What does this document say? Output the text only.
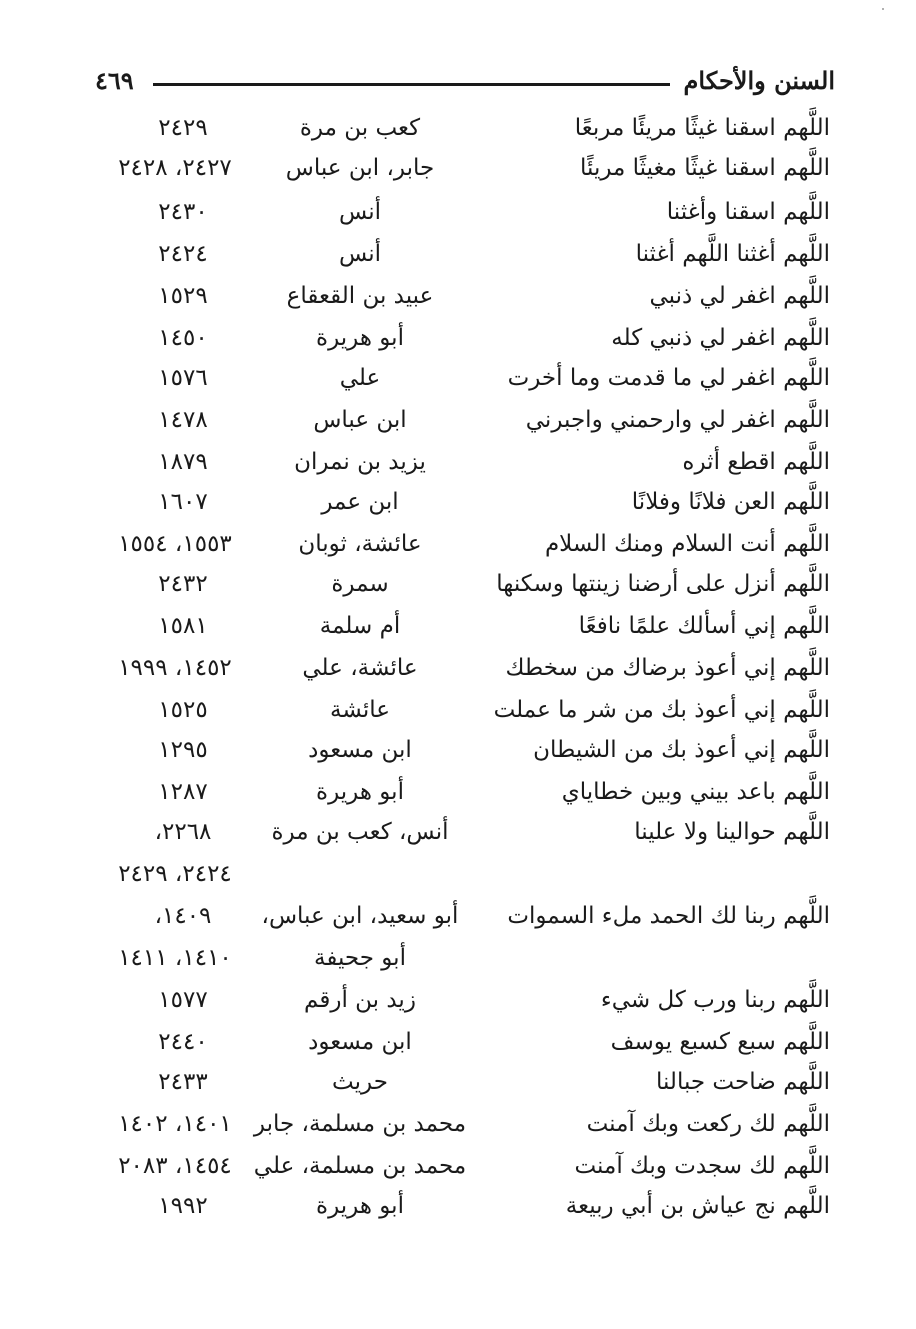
السنن والأحكام
٤٦٩
اللَّهم اسقنا غيثًا مريئًا مربعًا
كعب بن مرة
٢٤٢٩
اللَّهم اسقنا غيثًا مغيثًا مريئًا
جابر، ابن عباس
٢٤٢٧، ٢٤٢٨
اللَّهم اسقنا وأغثنا
أنس
٢٤٣٠
اللَّهم أغثنا اللَّهم أغثنا
أنس
٢٤٢٤
اللَّهم اغفر لي ذنبي
عبيد بن القعقاع
١٥٢٩
اللَّهم اغفر لي ذنبي كله
أبو هريرة
١٤٥٠
اللَّهم اغفر لي ما قدمت وما أخرت
علي
١٥٧٦
اللَّهم اغفر لي وارحمني واجبرني
ابن عباس
١٤٧٨
اللَّهم اقطع أثره
يزيد بن نمران
١٨٧٩
اللَّهم العن فلانًا وفلانًا
ابن عمر
١٦٠٧
اللَّهم أنت السلام ومنك السلام
عائشة، ثوبان
١٥٥٣، ١٥٥٤
اللَّهم أنزل على أرضنا زينتها وسكنها
سمرة
٢٤٣٢
اللَّهم إني أسألك علمًا نافعًا
أم سلمة
١٥٨١
اللَّهم إني أعوذ برضاك من سخطك
عائشة، علي
١٤٥٢، ١٩٩٩
اللَّهم إني أعوذ بك من شر ما عملت
عائشة
١٥٢٥
اللَّهم إني أعوذ بك من الشيطان
ابن مسعود
١٢٩٥
اللَّهم باعد بيني وبين خطاياي
أبو هريرة
١٢٨٧
اللَّهم حوالينا ولا علينا
أنس، كعب بن مرة
٢٢٦٨،
٢٤٢٤، ٢٤٢٩
اللَّهم ربنا لك الحمد ملء السموات
أبو سعيد، ابن عباس،
١٤٠٩،
أبو جحيفة
١٤١٠، ١٤١١
اللَّهم ربنا ورب كل شيء
زيد بن أرقم
١٥٧٧
اللَّهم سبع كسبع يوسف
ابن مسعود
٢٤٤٠
اللَّهم ضاحت جبالنا
حريث
٢٤٣٣
اللَّهم لك ركعت وبك آمنت
محمد بن مسلمة، جابر
١٤٠١، ١٤٠٢
اللَّهم لك سجدت وبك آمنت
محمد بن مسلمة، علي
١٤٥٤، ٢٠٨٣
اللَّهم نج عياش بن أبي ربيعة
أبو هريرة
١٩٩٢
